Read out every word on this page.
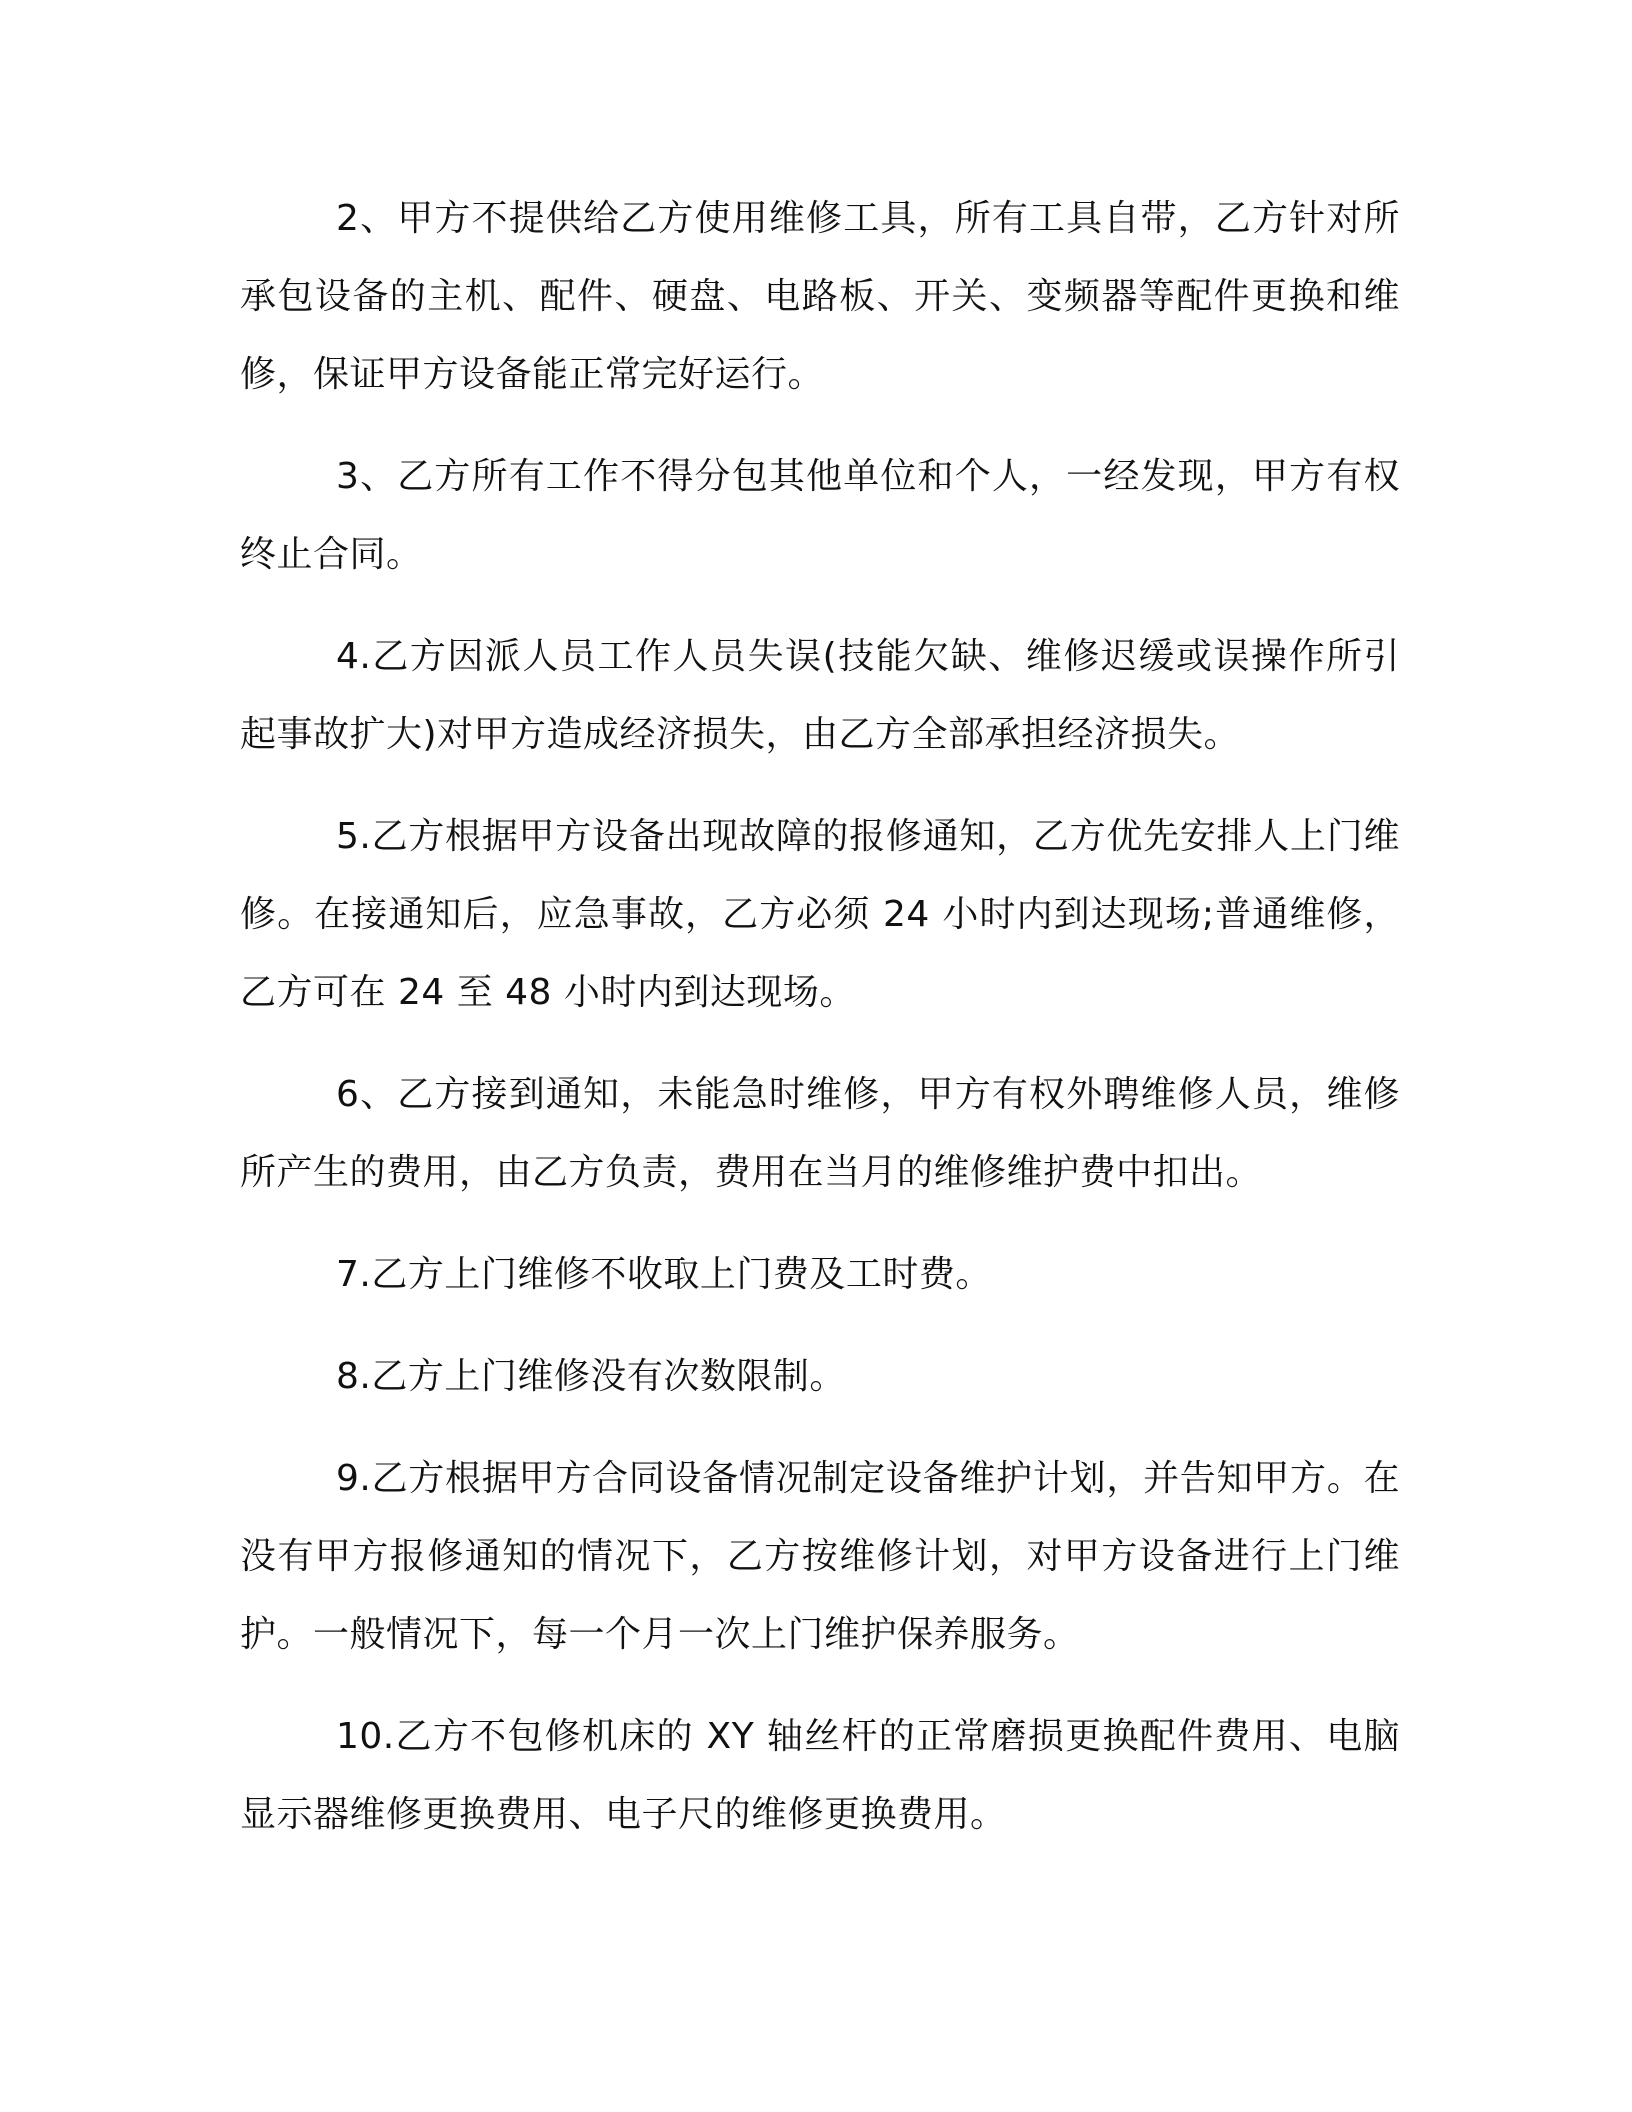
2、甲方不提供给乙方使用维修工具，所有工具自带，乙方针对所承包设备的主机、配件、硬盘、电路板、开关、变频器等配件更换和维修，保证甲方设备能正常完好运行。

3、乙方所有工作不得分包其他单位和个人，一经发现，甲方有权终止合同。

4.乙方因派人员工作人员失误(技能欠缺、维修迟缓或误操作所引起事故扩大)对甲方造成经济损失，由乙方全部承担经济损失。

5.乙方根据甲方设备出现故障的报修通知，乙方优先安排人上门维修。在接通知后，应急事故，乙方必须 24 小时内到达现场;普通维修，乙方可在 24 至 48 小时内到达现场。

6、乙方接到通知，未能急时维修，甲方有权外聘维修人员，维修所产生的费用，由乙方负责，费用在当月的维修维护费中扣出。

7.乙方上门维修不收取上门费及工时费。

8.乙方上门维修没有次数限制。

9.乙方根据甲方合同设备情况制定设备维护计划，并告知甲方。在没有甲方报修通知的情况下，乙方按维修计划，对甲方设备进行上门维护。一般情况下，每一个月一次上门维护保养服务。

10.乙方不包修机床的 XY 轴丝杆的正常磨损更换配件费用、电脑显示器维修更换费用、电子尺的维修更换费用。
